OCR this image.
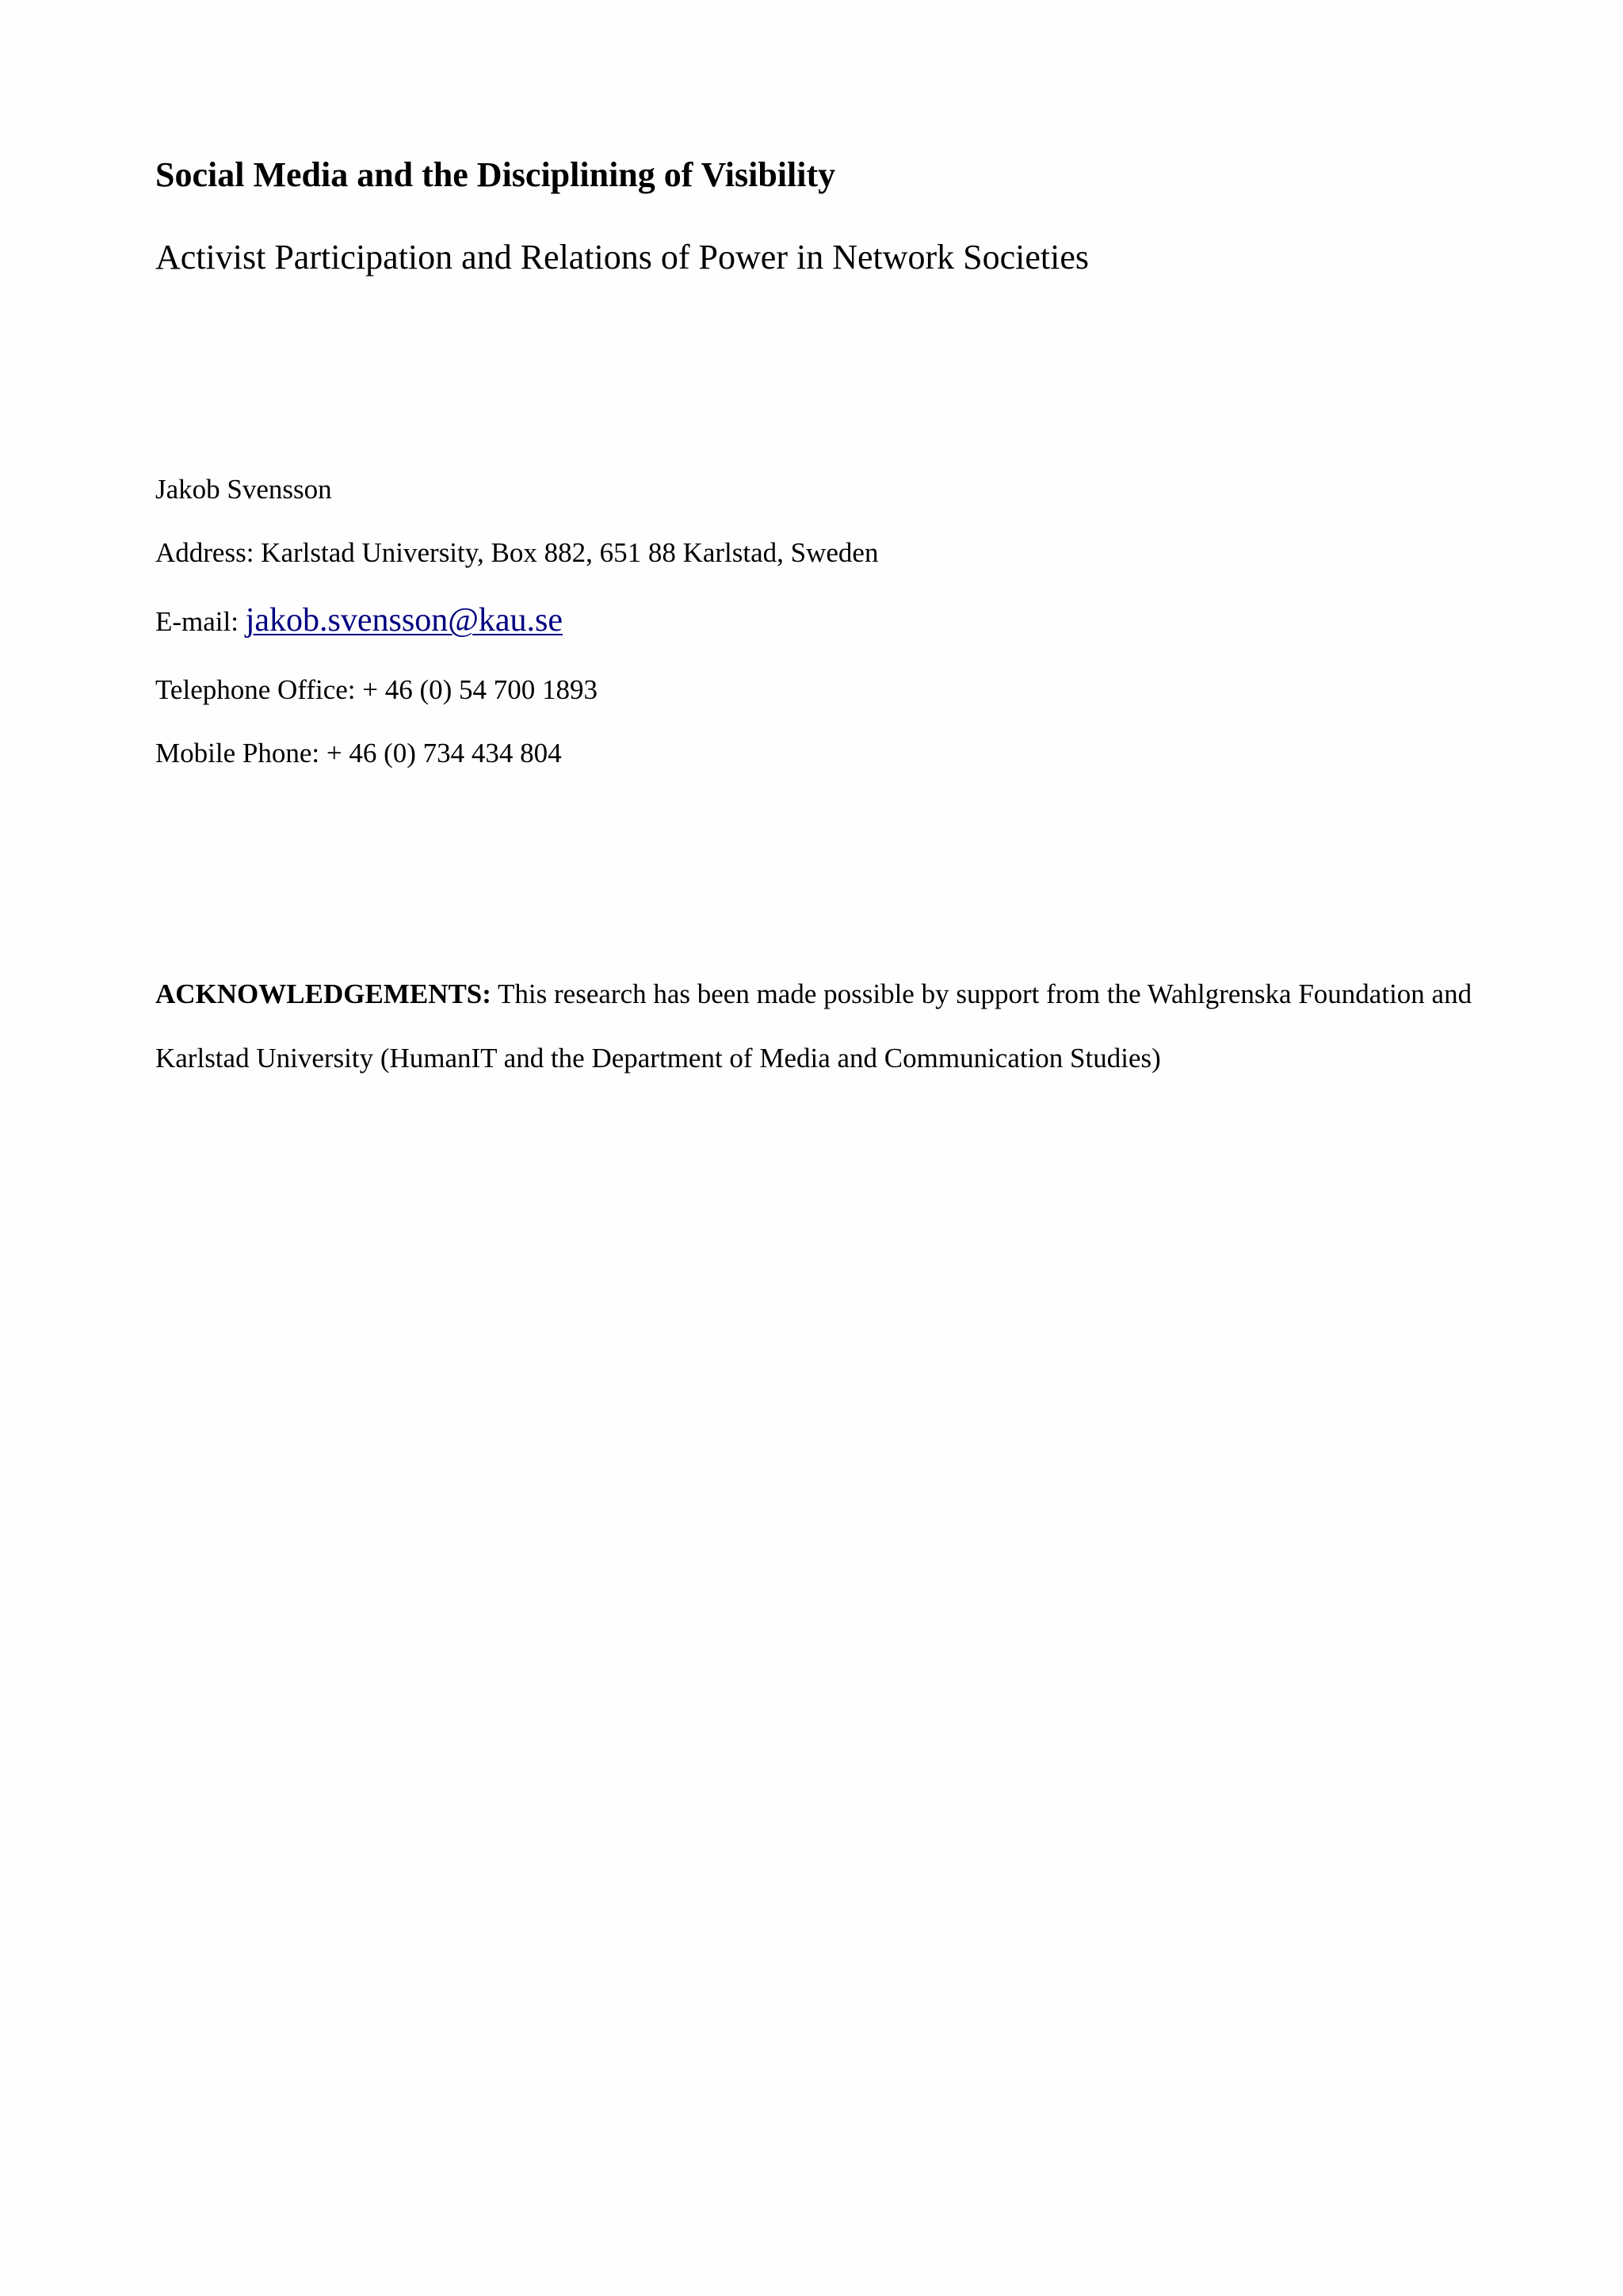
Social Media and the Disciplining of Visibility
Activist Participation and Relations of Power in Network Societies
Jakob Svensson
Address: Karlstad University, Box 882, 651 88 Karlstad, Sweden
E-mail: jakob.svensson@kau.se
Telephone Office: + 46 (0) 54 700 1893
Mobile Phone: + 46 (0) 734 434 804
ACKNOWLEDGEMENTS: This research has been made possible by support from the Wahlgrenska Foundation and Karlstad University (HumanIT and the Department of Media and Communication Studies)
